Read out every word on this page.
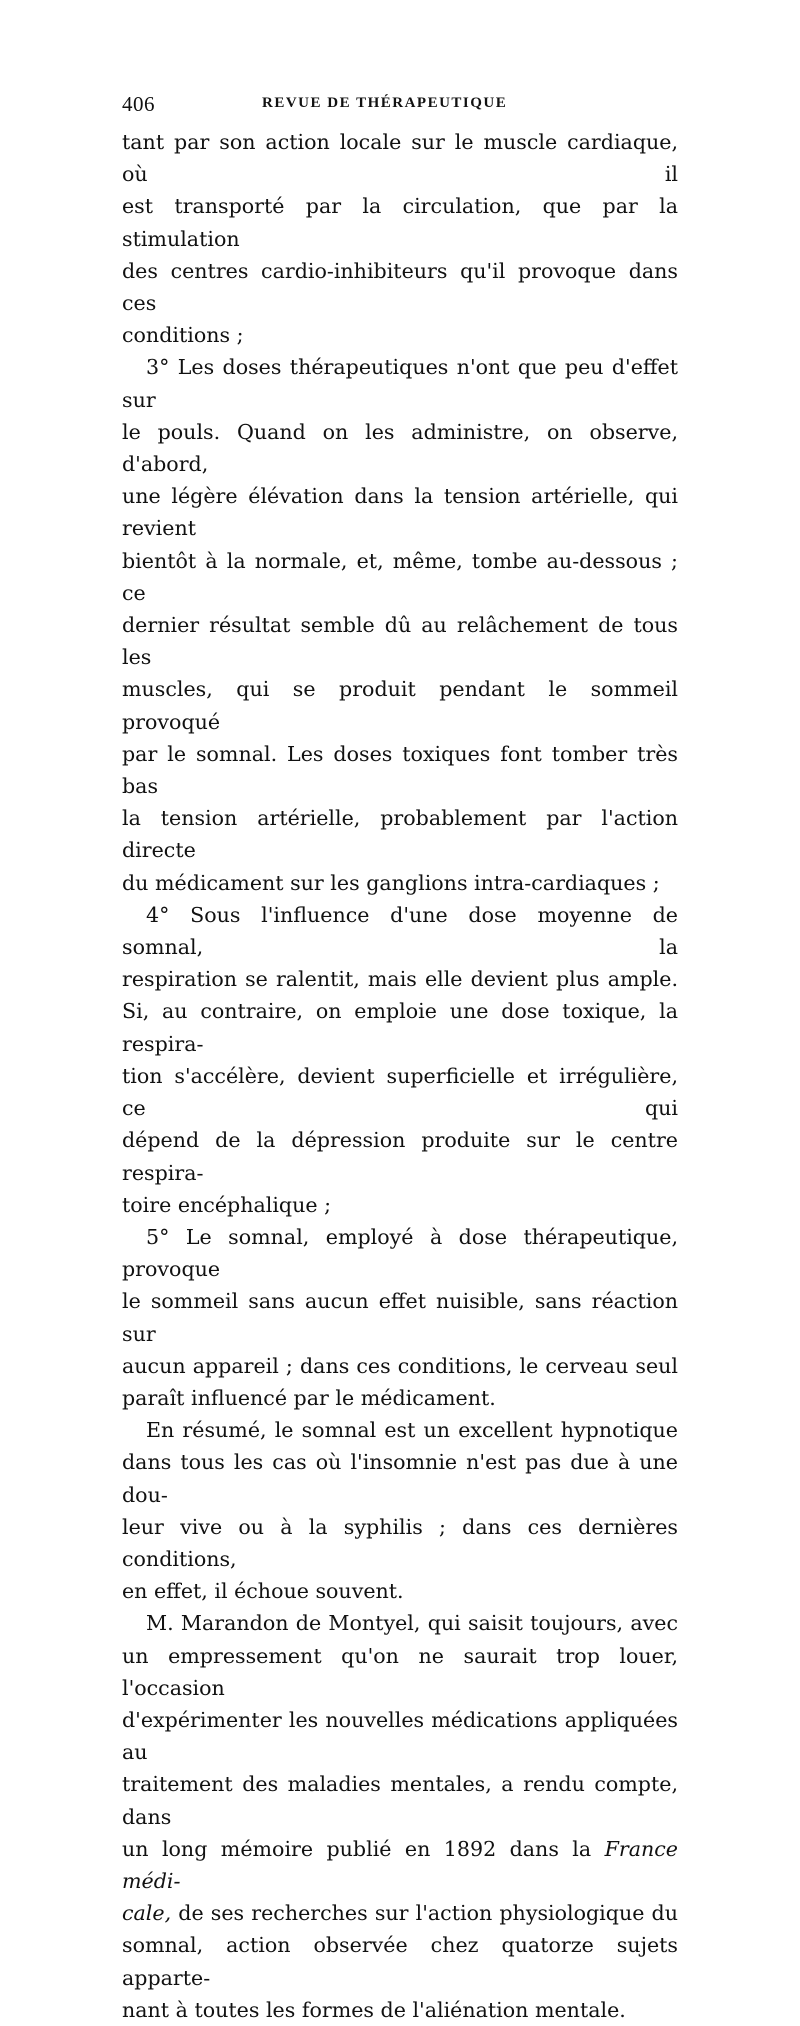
406	REVUE DE THÉRAPEUTIQUE

tant par son action locale sur le muscle cardiaque, où il
est transporté par la circulation, que par la stimulation
des centres cardio-inhibiteurs qu'il provoque dans ces
conditions ;

3° Les doses thérapeutiques n'ont que peu d'effet sur
le pouls. Quand on les administre, on observe, d'abord,
une légère élévation dans la tension artérielle, qui revient
bientôt à la normale, et, même, tombe au-dessous ; ce
dernier résultat semble dû au relâchement de tous les
muscles, qui se produit pendant le sommeil provoqué
par le somnal. Les doses toxiques font tomber très bas
la tension artérielle, probablement par l'action directe
du médicament sur les ganglions intra-cardiaques ;

4° Sous l'influence d'une dose moyenne de somnal, la
respiration se ralentit, mais elle devient plus ample.
Si, au contraire, on emploie une dose toxique, la respira-
tion s'accélère, devient superficielle et irrégulière, ce qui
dépend de la dépression produite sur le centre respira-
toire encéphalique ;

5° Le somnal, employé à dose thérapeutique, provoque
le sommeil sans aucun effet nuisible, sans réaction sur
aucun appareil ; dans ces conditions, le cerveau seul
paraît influencé par le médicament.

En résumé, le somnal est un excellent hypnotique
dans tous les cas où l'insomnie n'est pas due à une dou-
leur vive ou à la syphilis ; dans ces dernières conditions,
en effet, il échoue souvent.

M. Marandon de Montyel, qui saisit toujours, avec
un empressement qu'on ne saurait trop louer, l'occasion
d'expérimenter les nouvelles médications appliquées au
traitement des maladies mentales, a rendu compte, dans
un long mémoire publié en 1892 dans la France médi-
cale, de ses recherches sur l'action physiologique du
somnal, action observée chez quatorze sujets apparte-
nant à toutes les formes de l'aliénation mentale.
